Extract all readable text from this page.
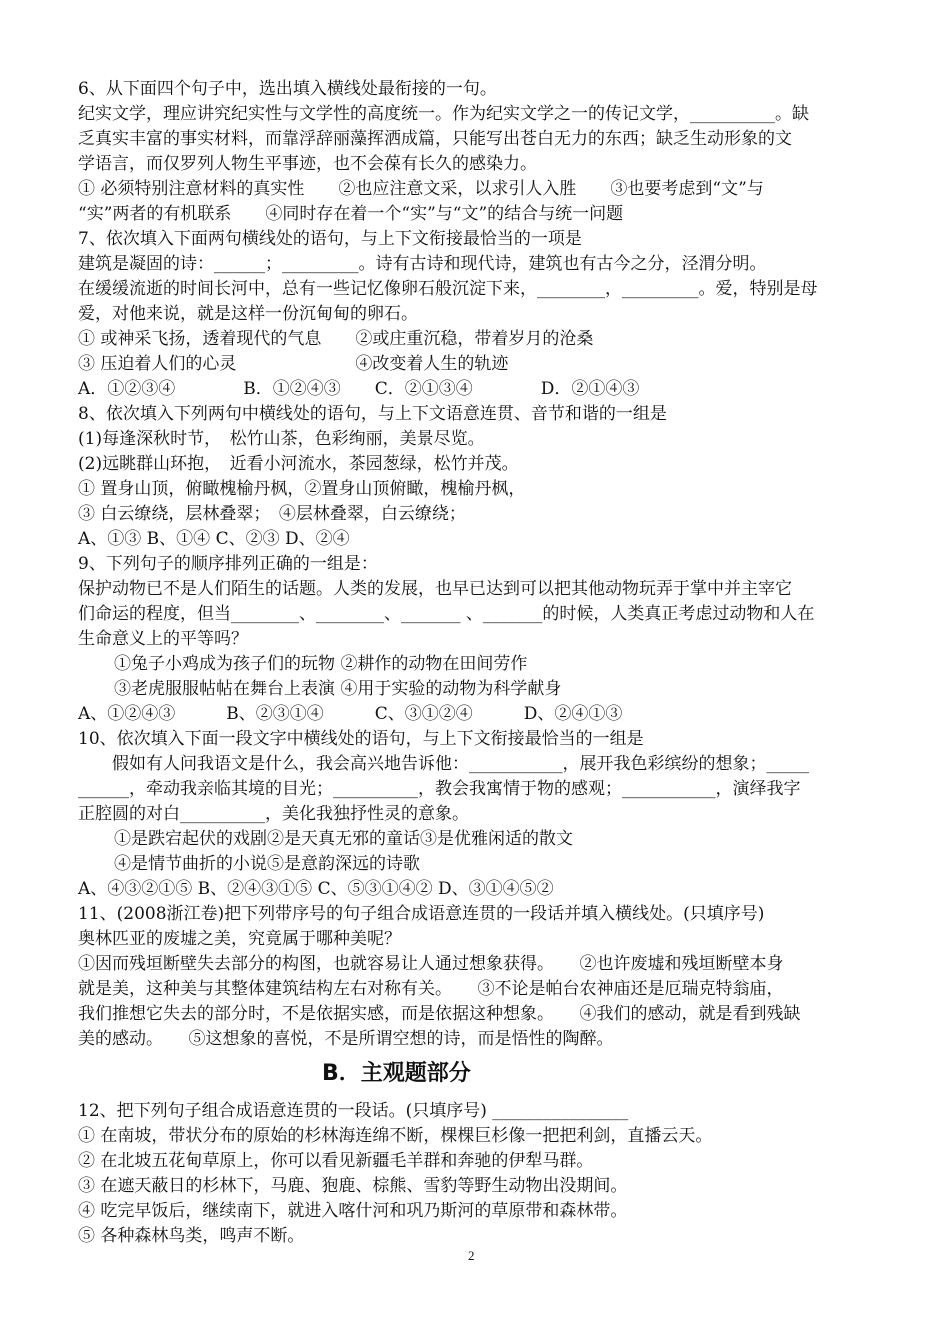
6、从下面四个句子中，选出填入横线处最衔接的一句。
纪实文学，理应讲究纪实性与文学性的高度统一。作为纪实文学之一的传记文学，__________。缺
乏真实丰富的事实材料，而靠浮辞丽藻挥洒成篇，只能写出苍白无力的东西；缺乏生动形象的文
学语言，而仅罗列人物生平事迹，也不会葆有长久的感染力。
① 必须特别注意材料的真实性　　②也应注意文采，以求引人入胜　　③也要考虑到“文”与
“实”两者的有机联系　　④同时存在着一个“实”与“文”的结合与统一问题
7、依次填入下面两句横线处的语句，与上下文衔接最恰当的一项是
建筑是凝固的诗：______；_________。诗有古诗和现代诗，建筑也有古今之分，泾渭分明。
在缓缓流逝的时间长河中，总有一些记忆像卵石般沉淀下来，________，_________。爱，特别是母
爱，对他来说，就是这样一份沉甸甸的卵石。
① 或神采飞扬，透着现代的气息　　②或庄重沉稳，带着岁月的沧桑
③ 压迫着人们的心灵　　　　　　　④改变着人生的轨迹
A．①②③④　　　　B．①②④③　　C．②①③④　　　　D．②①④③
8、依次填入下列两句中横线处的语句，与上下文语意连贯、音节和谐的一组是
(1)每逢深秋时节，　松竹山茶，色彩绚丽，美景尽览。
(2)远眺群山环抱，　近看小河流水，茶园葱绿，松竹并茂。
① 置身山顶，俯瞰槐榆丹枫，②置身山顶俯瞰，槐榆丹枫，
③ 白云缭绕，层林叠翠；　④层林叠翠，白云缭绕；
A、①③ B、①④ C、②③ D、②④
9、下列句子的顺序排列正确的一组是：
保护动物已不是人们陌生的话题。人类的发展，也早已达到可以把其他动物玩弄于掌中并主宰它
们命运的程度，但当________、________、_______ 、_______的时候，人类真正考虑过动物和人在
生命意义上的平等吗？
①兔子小鸡成为孩子们的玩物 ②耕作的动物在田间劳作
③老虎服服帖帖在舞台上表演 ④用于实验的动物为科学献身
A、①②④③　　　B、②③①④　　　C、③①②④　　　D、②④①③
10、依次填入下面一段文字中横线处的语句，与上下文衔接最恰当的一组是
　　假如有人问我语文是什么，我会高兴地告诉他：___________，展开我色彩缤纷的想象；_____
______，牵动我亲临其境的目光；__________，教会我寓情于物的感观；___________，演绎我字
正腔圆的对白__________，美化我独抒性灵的意象。
①是跌宕起伏的戏剧②是天真无邪的童话③是优雅闲适的散文
④是情节曲折的小说⑤是意韵深远的诗歌
A、④③②①⑤ B、②④③①⑤ C、⑤③①④② D、③①④⑤②
11、(2008浙江卷)把下列带序号的句子组合成语意连贯的一段话并填入横线处。(只填序号)
奥林匹亚的废墟之美，究竟属于哪种美呢？
①因而残垣断壁失去部分的构图，也就容易让人通过想象获得。　　②也许废墟和残垣断壁本身
就是美，这种美与其整体建筑结构左右对称有关。　　③不论是帕台农神庙还是厄瑞克特翁庙，
我们推想它失去的部分时，不是依据实感，而是依据这种想象。　　④我们的感动，就是看到残缺
美的感动。　　⑤这想象的喜悦，不是所谓空想的诗，而是悟性的陶醉。
B．主观题部分
12、把下列句子组合成语意连贯的一段话。(只填序号) ________________
① 在南坡，带状分布的原始的杉林海连绵不断，棵棵巨杉像一把把利剑，直播云天。
② 在北坡五花甸草原上，你可以看见新疆毛羊群和奔驰的伊犁马群。
③ 在遮天蔽日的杉林下，马鹿、狍鹿、棕熊、雪豹等野生动物出没期间。
④ 吃完早饭后，继续南下，就进入喀什河和巩乃斯河的草原带和森林带。
⑤ 各种森林鸟类，鸣声不断。
2
